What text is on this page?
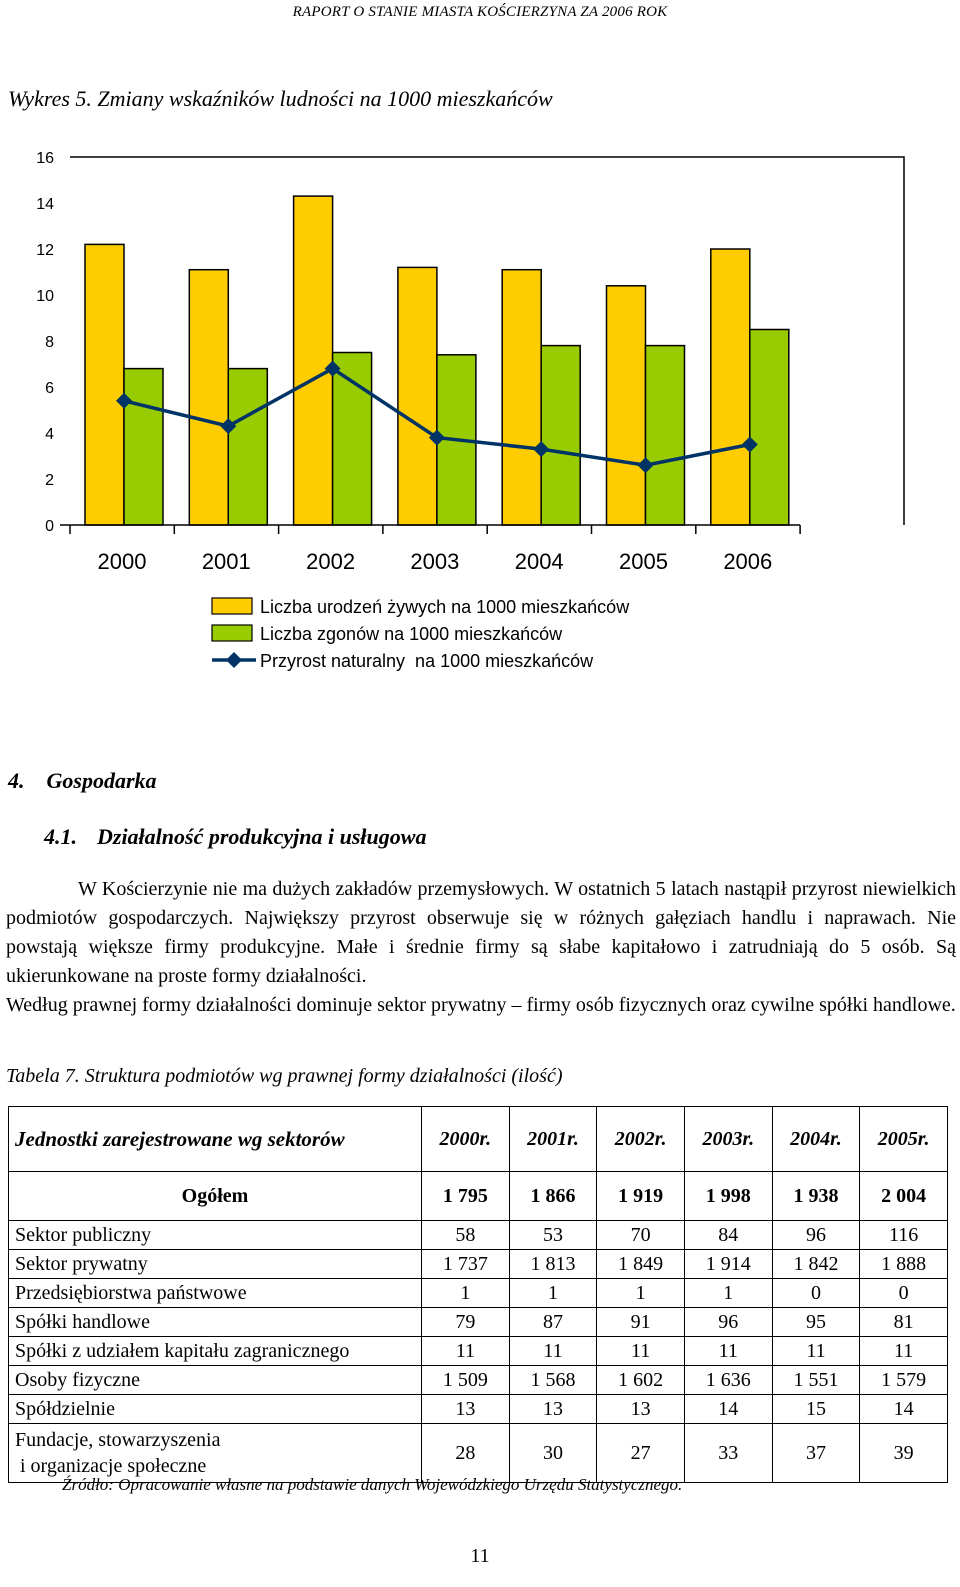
RAPORT O STANIE MIASTA KOŚCIERZYNA ZA 2006 ROK
Wykres 5. Zmiany wskaźników ludności na 1000 mieszkańców
0
2
4
6
8
10
12
14
16
2000	2001	2002	2003	2004	2005	2006
Liczba urodzeń żywych na 1000 mieszkańców
Liczba zgonów na 1000 mieszkańców
Przyrost naturalny  na 1000 mieszkańców
4. Gospodarka
4.1. Działalność produkcyjna i usługowa

W Kościerzynie nie ma dużych zakładów przemysłowych. W ostatnich 5 latach nastąpił przyrost niewielkich podmiotów gospodarczych. Największy przyrost obserwuje się w różnych gałęziach handlu i naprawach. Nie powstają większe firmy produkcyjne. Małe i średnie firmy są słabe kapitałowo i zatrudniają do 5 osób. Są ukierunkowane na proste formy działalności.

Według prawnej formy działalności dominuje sektor prywatny – firmy osób fizycznych oraz cywilne spółki handlowe.

Tabela 7. Struktura podmiotów wg prawnej formy działalności (ilość)
Jednostki zarejestrowane wg sektorów	2000r.	2001r.	2002r.	2003r.	2004r.	2005r.
Ogółem	1 795	1 866	1 919	1 998	1 938	2 004
Sektor publiczny	58	53	70	84	96	116
Sektor prywatny	1 737	1 813	1 849	1 914	1 842	1 888
Przedsiębiorstwa państwowe	1	1	1	1	0	0
Spółki handlowe	79	87	91	96	95	81
Spółki z udziałem kapitału zagranicznego	11	11	11	11	11	11
Osoby fizyczne	1 509	1 568	1 602	1 636	1 551	1 579
Spółdzielnie	13	13	13	14	15	14
Fundacje, stowarzyszenia
i organizacje społeczne	28	30	27	33	37	39
Źródło: Opracowanie własne na podstawie danych Wojewódzkiego Urzędu Statystycznego.
11
